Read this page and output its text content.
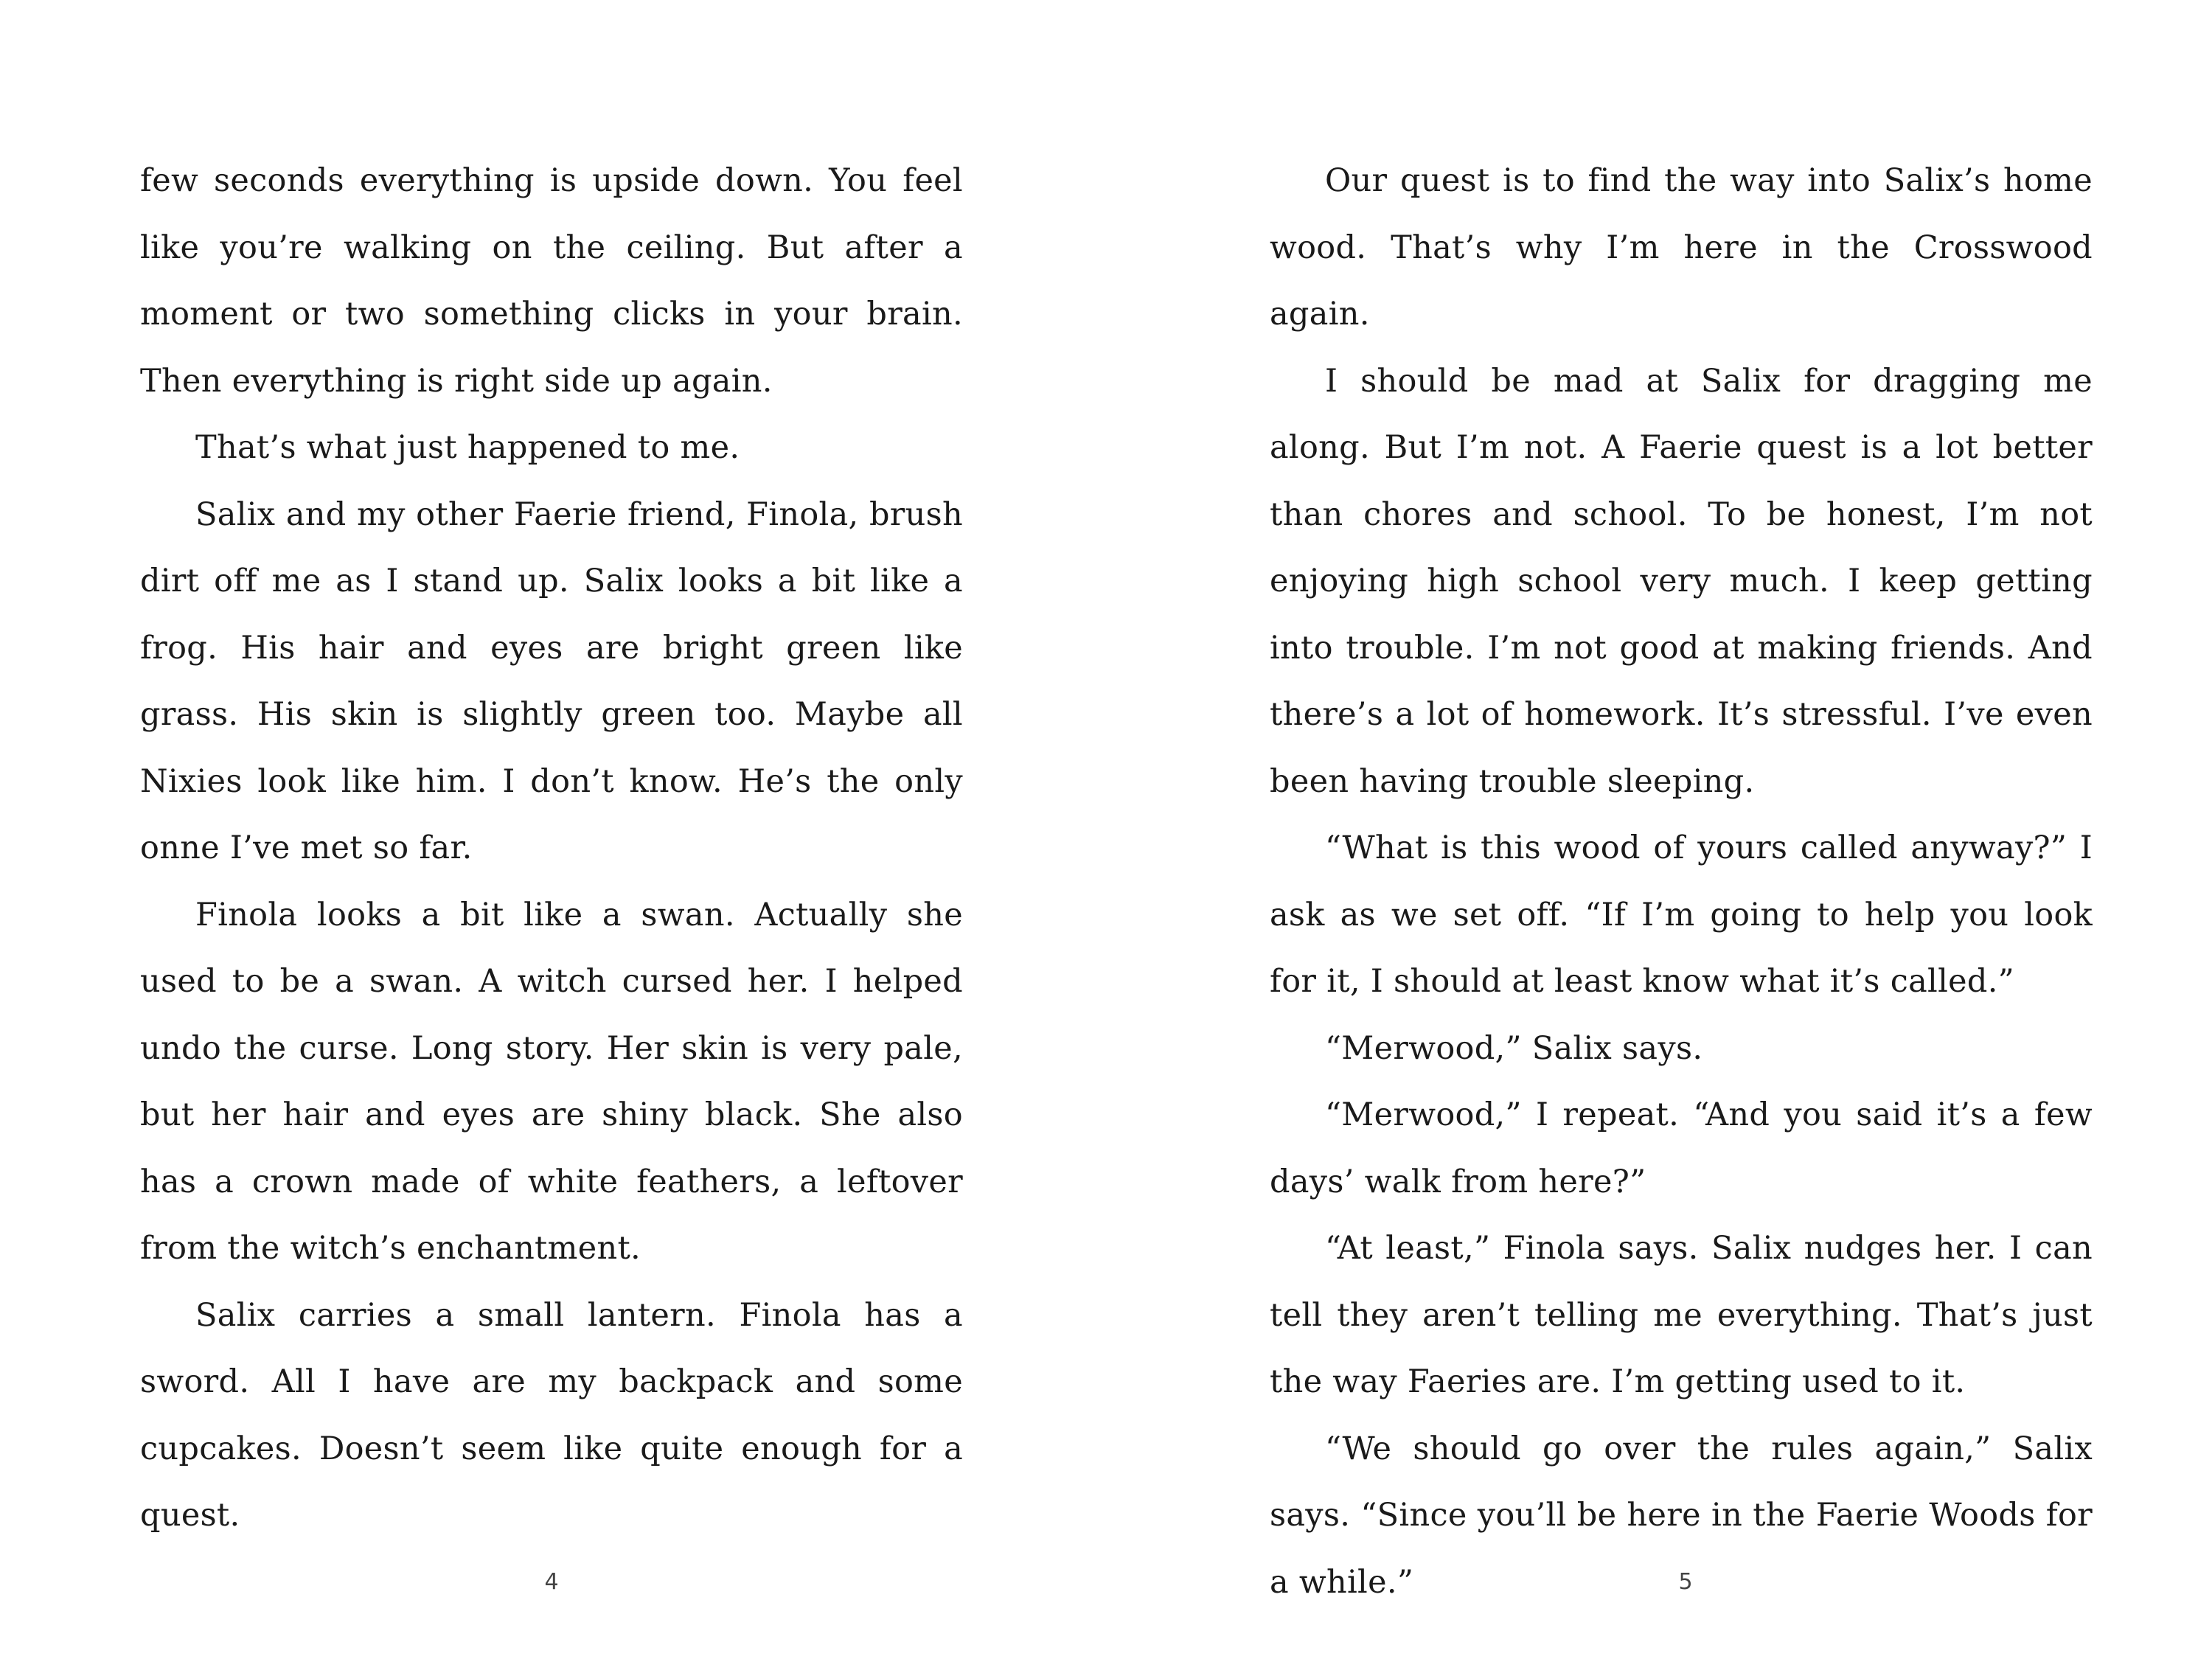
few seconds everything is upside down. You feel like you’re walking on the ceiling. But after a moment or two something clicks in your brain. Then everything is right side up again.

That’s what just happened to me.

Salix and my other Faerie friend, Finola, brush dirt off me as I stand up. Salix looks a bit like a frog. His hair and eyes are bright green like grass. His skin is slightly green too. Maybe all Nixies look like him. I don’t know. He’s the only onne I’ve met so far.

Finola looks a bit like a swan. Actually she used to be a swan. A witch cursed her. I helped undo the curse. Long story. Her skin is very pale, but her hair and eyes are shiny black. She also has a crown made of white feathers, a leftover from the witch’s enchantment.

Salix carries a small lantern. Finola has a sword. All I have are my backpack and some cupcakes. Doesn’t seem like quite enough for a quest.

4

Our quest is to find the way into Salix’s home wood. That’s why I’m here in the Crosswood again.

I should be mad at Salix for dragging me along. But I’m not. A Faerie quest is a lot better than chores and school. To be honest, I’m not enjoying high school very much. I keep getting into trouble. I’m not good at making friends. And there’s a lot of homework. It’s stressful. I’ve even been having trouble sleeping.

“What is this wood of yours called anyway?” I ask as we set off. “If I’m going to help you look for it, I should at least know what it’s called.”

“Merwood,” Salix says.

“Merwood,” I repeat. “And you said it’s a few days’ walk from here?”

“At least,” Finola says. Salix nudges her. I can tell they aren’t telling me everything. That’s just the way Faeries are. I’m getting used to it.

“We should go over the rules again,” Salix says. “Since you’ll be here in the Faerie Woods for a while.”	5
